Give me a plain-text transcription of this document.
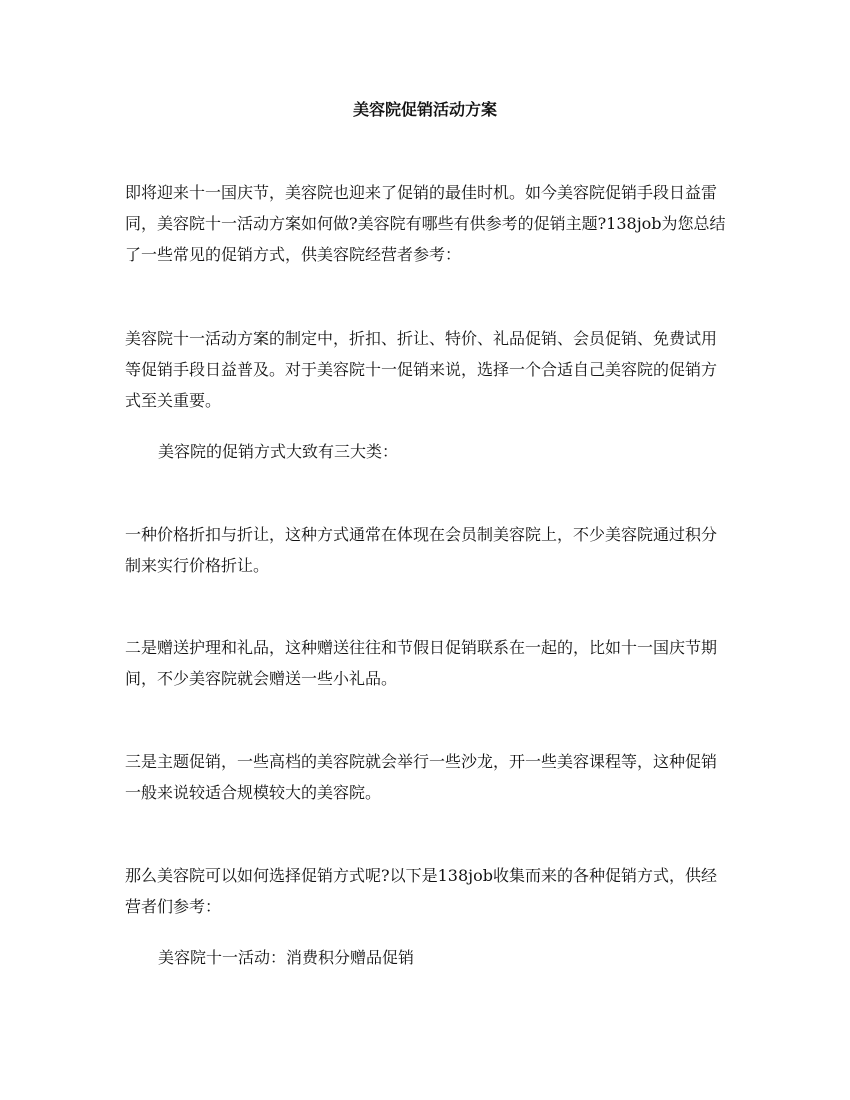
美容院促销活动方案

即将迎来十一国庆节，美容院也迎来了促销的最佳时机。如今美容院促销手段日益雷同，美容院十一活动方案如何做?美容院有哪些有供参考的促销主题?138job为您总结了一些常见的促销方式，供美容院经营者参考：

美容院十一活动方案的制定中，折扣、折让、特价、礼品促销、会员促销、免费试用等促销手段日益普及。对于美容院十一促销来说，选择一个合适自己美容院的促销方式至关重要。

美容院的促销方式大致有三大类：

一种价格折扣与折让，这种方式通常在体现在会员制美容院上，不少美容院通过积分制来实行价格折让。

二是赠送护理和礼品，这种赠送往往和节假日促销联系在一起的，比如十一国庆节期间，不少美容院就会赠送一些小礼品。

三是主题促销，一些高档的美容院就会举行一些沙龙，开一些美容课程等，这种促销一般来说较适合规模较大的美容院。

那么美容院可以如何选择促销方式呢?以下是138job收集而来的各种促销方式，供经营者们参考：

美容院十一活动：消费积分赠品促销
